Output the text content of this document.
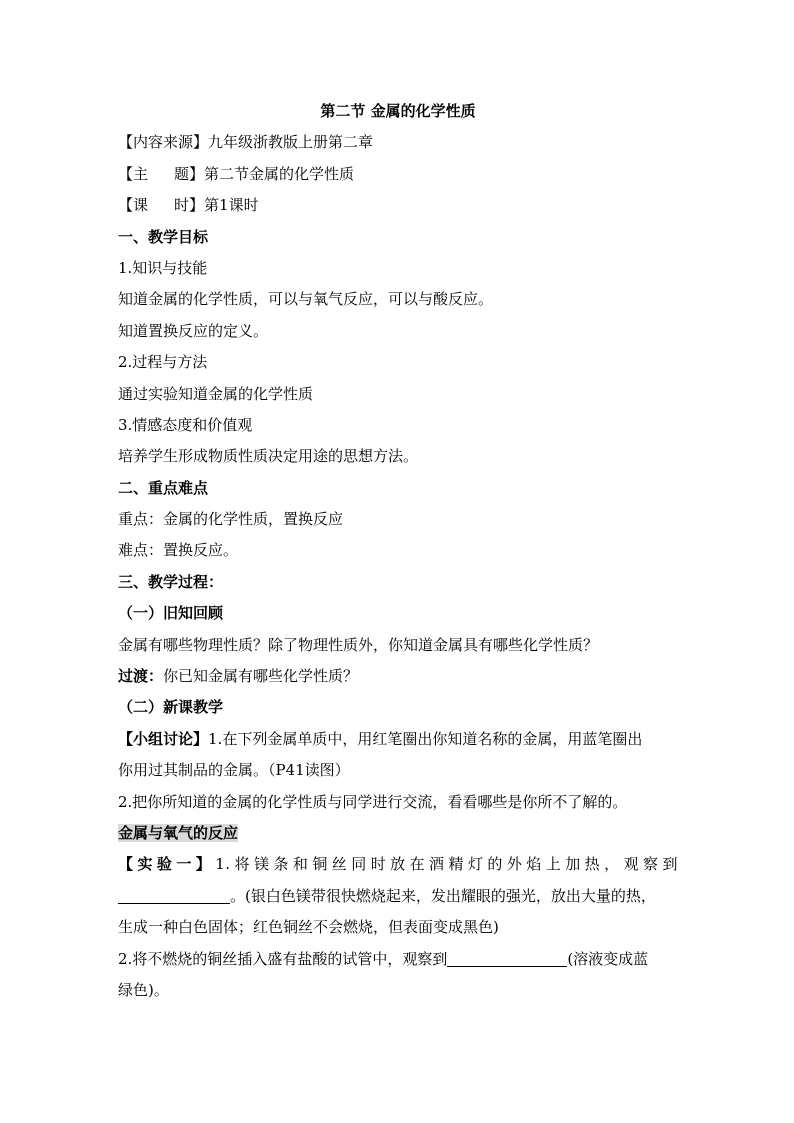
第二节 金属的化学性质
【内容来源】九年级浙教版上册第二章
【主 题】第二节金属的化学性质
【课 时】第1课时
一、教学目标
1.知识与技能
知道金属的化学性质，可以与氧气反应，可以与酸反应。
知道置换反应的定义。
2.过程与方法
通过实验知道金属的化学性质
3.情感态度和价值观
培养学生形成物质性质决定用途的思想方法。
二、重点难点
重点：金属的化学性质，置换反应
难点：置换反应。
三、教学过程：
（一）旧知回顾
金属有哪些物理性质？除了物理性质外，你知道金属具有哪些化学性质？
过渡：你已知金属有哪些化学性质？
（二）新课教学
【小组讨论】1.在下列金属单质中，用红笔圈出你知道名称的金属，用蓝笔圈出
你用过其制品的金属。（P41读图）
2.把你所知道的金属的化学性质与同学进行交流，看看哪些是你所不了解的。
金属与氧气的反应
【实验一】1.将镁条和铜丝同时放在酒精灯的外焰上加热，观察到
。(银白色镁带很快燃烧起来，发出耀眼的强光，放出大量的热，
生成一种白色固体；红色铜丝不会燃烧，但表面变成黑色)
2.将不燃烧的铜丝插入盛有盐酸的试管中，观察到	(溶液变成蓝
绿色)。
